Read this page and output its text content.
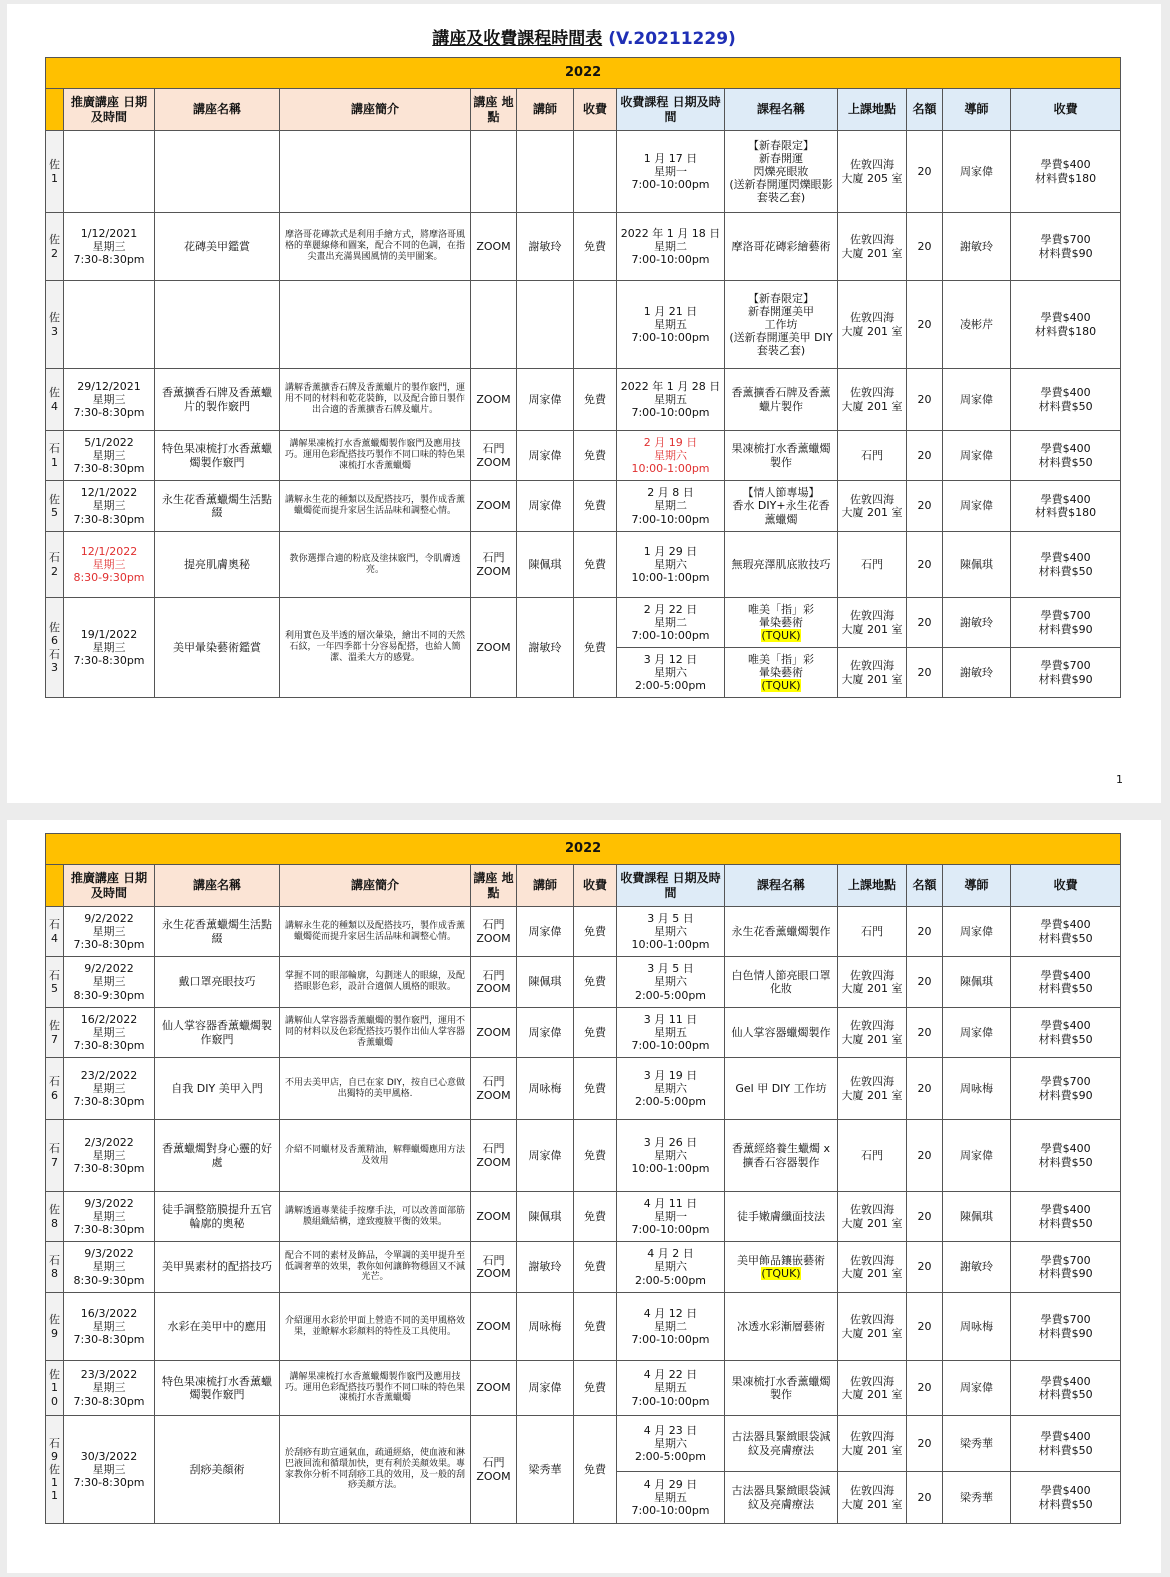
講座及收費課程時間表 (V.20211229)
2022												
	推廣講座 日期及時間	講座名稱	講座簡介	講座 地點	講師	收費	收費課程 日期及時間	課程名稱	上課地點	名額	導師	收費
佐 1							1 月 17 日
星期一
7:00-10:00pm	【新春限定】
新春開運
閃爍亮眼妝
(送新春開運閃爍眼影套裝乙套)	佐敦四海
大廈 205 室	20	周家偉	學費$400
材料費$180
佐 2	1/12/2021
星期三
7:30-8:30pm	花磚美甲鑑賞	摩洛哥花磚款式是利用手繪方式，將摩洛哥風格的華麗線條和圖案，配合不同的色調，在指尖畫出充滿異國風情的美甲圖案。	ZOOM	謝敏玲	免費	2022 年 1 月 18 日
星期二
7:00-10:00pm	摩洛哥花磚彩繪藝術	佐敦四海
大廈 201 室	20	謝敏玲	學費$700
材料費$90
佐 3							1 月 21 日
星期五
7:00-10:00pm	【新春限定】
新春開運美甲
工作坊
(送新春開運美甲 DIY 套裝乙套)	佐敦四海
大廈 201 室	20	凌彬芹	學費$400
材料費$180
佐 4	29/12/2021
星期三
7:30-8:30pm	香薰擴香石牌及香薰蠟片的製作竅門	講解香薰擴香石牌及香薰蠟片的製作竅門，運用不同的材料和乾花裝飾，以及配合節日製作出合適的香薰擴香石牌及蠟片。	ZOOM	周家偉	免費	2022 年 1 月 28 日
星期五
7:00-10:00pm	香薰擴香石牌及香薰蠟片製作	佐敦四海
大廈 201 室	20	周家偉	學費$400
材料費$50
石 1	5/1/2022
星期三
7:30-8:30pm	特色果凍梳打水香薰蠟燭製作竅門	講解果凍梳打水香薰蠟燭製作竅門及應用技巧。運用色彩配搭技巧製作不同口味的特色果凍梳打水香薰蠟燭	石門
ZOOM	周家偉	免費	2 月 19 日
星期六
10:00-1:00pm	果凍梳打水香薰蠟燭製作	石門	20	周家偉	學費$400
材料費$50
佐 5	12/1/2022
星期三
7:30-8:30pm	永生花香薰蠟燭生活點綴	講解永生花的種類以及配搭技巧，製作成香薰蠟燭從而提升家居生活品味和調整心情。	ZOOM	周家偉	免費	2 月 8 日
星期二
7:00-10:00pm	【情人節專場】
香水 DIY+永生花香薰蠟燭	佐敦四海
大廈 201 室	20	周家偉	學費$400
材料費$180
石 2	12/1/2022
星期三
8:30-9:30pm	提亮肌膚奧秘	教你選擇合適的粉底及塗抹竅門，令肌膚透亮。	石門
ZOOM	陳佩琪	免費	1 月 29 日
星期六
10:00-1:00pm	無瑕亮澤肌底妝技巧	石門	20	陳佩琪	學費$400
材料費$50
佐 6
石 3	19/1/2022
星期三
7:30-8:30pm	美甲暈染藝術鑑賞	利用實色及半透的層次暈染，繪出不同的天然石紋，一年四季都十分容易配搭，也給人簡潔、溫柔大方的感覺。	ZOOM	謝敏玲	免費	2 月 22 日
星期二
7:00-10:00pm	唯美「指」彩
暈染藝術
(TQUK)	佐敦四海
大廈 201 室	20	謝敏玲	學費$700
材料費$90
							3 月 12 日
星期六
2:00-5:00pm	唯美「指」彩
暈染藝術
(TQUK)	佐敦四海
大廈 201 室	20	謝敏玲	學費$700
材料費$90
1
2022												
	推廣講座 日期及時間	講座名稱	講座簡介	講座 地點	講師	收費	收費課程 日期及時間	課程名稱	上課地點	名額	導師	收費
石 4	9/2/2022
星期三
7:30-8:30pm	永生花香薰蠟燭生活點綴	講解永生花的種類以及配搭技巧，製作成香薰蠟燭從而提升家居生活品味和調整心情。	石門
ZOOM	周家偉	免費	3 月 5 日
星期六
10:00-1:00pm	永生花香薰蠟燭製作	石門	20	周家偉	學費$400
材料費$50
石 5	9/2/2022
星期三
8:30-9:30pm	戴口罩亮眼技巧	掌握不同的眼部輪廓，勾劃迷人的眼線，及配搭眼影色彩，設計合適個人風格的眼妝。	石門
ZOOM	陳佩琪	免費	3 月 5 日
星期六
2:00-5:00pm	白色情人節亮眼口罩化妝	佐敦四海
大廈 201 室	20	陳佩琪	學費$400
材料費$50
佐 7	16/2/2022
星期三
7:30-8:30pm	仙人掌容器香薰蠟燭製作竅門	講解仙人掌容器香薰蠟燭的製作竅門，運用不同的材料以及色彩配搭技巧製作出仙人掌容器香薰蠟燭	ZOOM	周家偉	免費	3 月 11 日
星期五
7:00-10:00pm	仙人掌容器蠟燭製作	佐敦四海
大廈 201 室	20	周家偉	學費$400
材料費$50
石 6	23/2/2022
星期三
7:30-8:30pm	自我 DIY 美甲入門	不用去美甲店，自已在家 DIY，按自已心意做出獨特的美甲風格.	石門
ZOOM	周咏梅	免費	3 月 19 日
星期六
2:00-5:00pm	Gel 甲 DIY 工作坊	佐敦四海
大廈 201 室	20	周咏梅	學費$700
材料費$90
石 7	2/3/2022
星期三
7:30-8:30pm	香薰蠟燭對身心靈的好處	介紹不同蠟材及香薰精油，解釋蠟燭應用方法及效用	石門
ZOOM	周家偉	免費	3 月 26 日
星期六
10:00-1:00pm	香薰經絡養生蠟燭 x 擴香石容器製作	石門	20	周家偉	學費$400
材料費$50
佐 8	9/3/2022
星期三
7:30-8:30pm	徒手調整筋膜提升五官輪廓的奧秘	講解透過專業徒手按摩手法，可以改善面部筋膜組織結構，達致瘦臉平衡的效果。	ZOOM	陳佩琪	免費	4 月 11 日
星期一
7:00-10:00pm	徒手嫩膚纖面技法	佐敦四海
大廈 201 室	20	陳佩琪	學費$400
材料費$50
石 8	9/3/2022
星期三
8:30-9:30pm	美甲異素材的配搭技巧	配合不同的素材及飾品，令單調的美甲提升至低調奢華的效果，教你如何讓飾物穩固又不減光芒。	石門
ZOOM	謝敏玲	免費	4 月 2 日
星期六
2:00-5:00pm	美甲飾品鑲嵌藝術
(TQUK)	佐敦四海
大廈 201 室	20	謝敏玲	學費$700
材料費$90
佐 9	16/3/2022
星期三
7:30-8:30pm	水彩在美甲中的應用	介紹運用水彩於甲面上營造不同的美甲風格效果，並瞭解水彩顏料的特性及工具使用。	ZOOM	周咏梅	免費	4 月 12 日
星期二
7:00-10:00pm	冰透水彩漸層藝術	佐敦四海
大廈 201 室	20	周咏梅	學費$700
材料費$90
佐 10	23/3/2022
星期三
7:30-8:30pm	特色果凍梳打水香薰蠟燭製作竅門	講解果凍梳打水香薰蠟燭製作竅門及應用技巧。運用色彩配搭技巧製作不同口味的特色果凍梳打水香薰蠟燭	ZOOM	周家偉	免費	4 月 22 日
星期五
7:00-10:00pm	果凍梳打水香薰蠟燭製作	佐敦四海
大廈 201 室	20	周家偉	學費$400
材料費$50
石 9
佐 11	30/3/2022
星期三
7:30-8:30pm	刮痧美顏術	於刮痧有助宣通氣血，疏通經絡，使血液和淋巴液回流和循環加快，更有利於美顏效果。專家教你分析不同刮痧工具的效用，及一般的刮痧美顏方法。	石門
ZOOM	梁秀華	免費	4 月 23 日
星期六
2:00-5:00pm	古法器具緊緻眼袋減紋及亮膚療法	佐敦四海
大廈 201 室	20	梁秀華	學費$400
材料費$50
							4 月 29 日
星期五
7:00-10:00pm	古法器具緊緻眼袋減紋及亮膚療法	佐敦四海
大廈 201 室	20	梁秀華	學費$400
材料費$50
